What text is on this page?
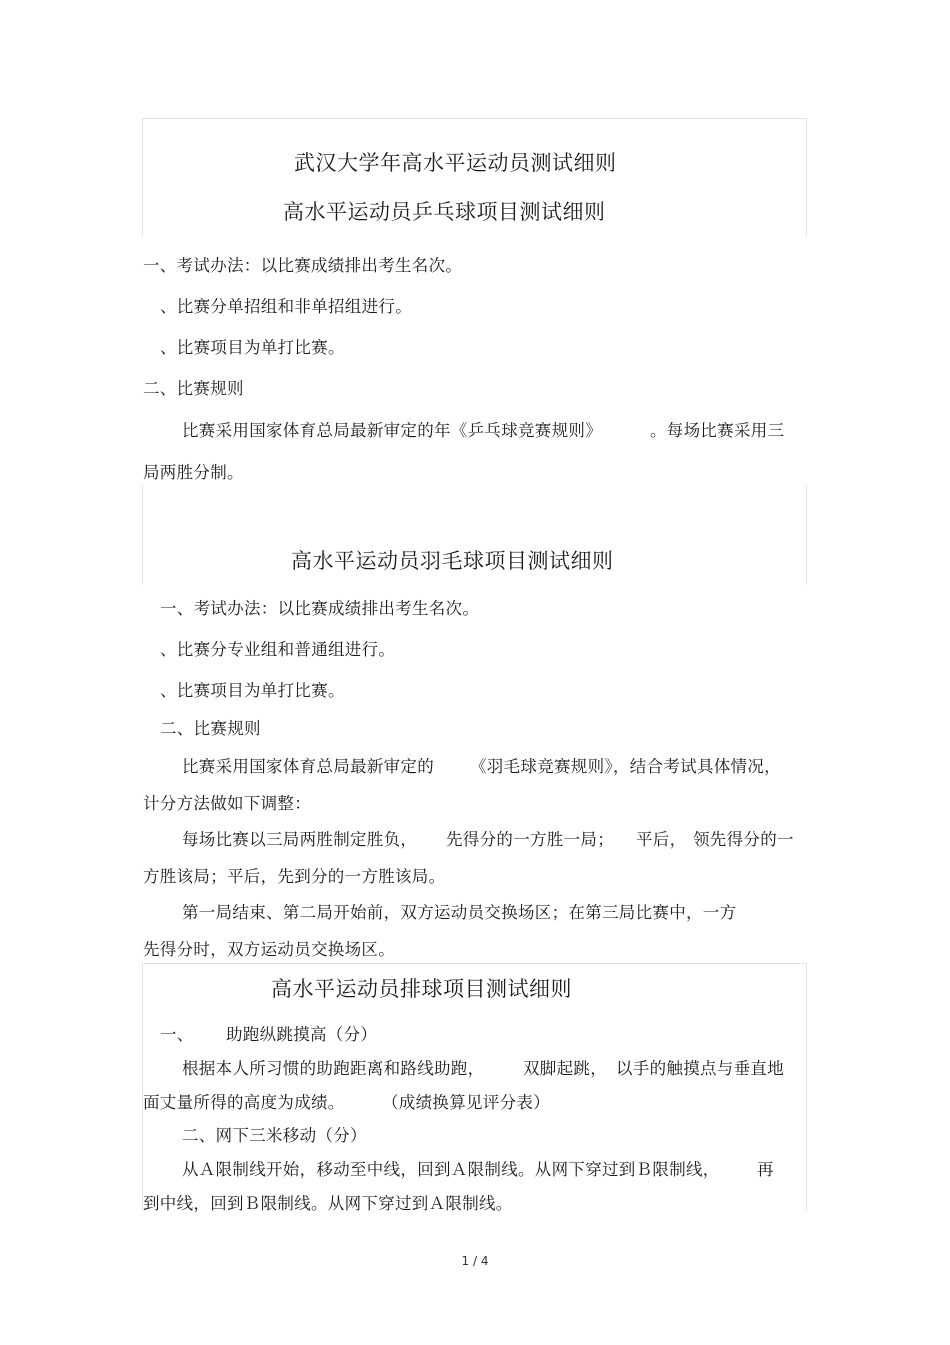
武汉大学年高水平运动员测试细则
高水平运动员乒乓球项目测试细则
一、考试办法：以比赛成绩排出考生名次。
、比赛分单招组和非单招组进行。
、比赛项目为单打比赛。
二、比赛规则
比赛采用国家体育总局最新审定的年《乒乓球竞赛规则》	。每场比赛采用三
局两胜分制。
高水平运动员羽毛球项目测试细则
一、考试办法：以比赛成绩排出考生名次。
、比赛分专业组和普通组进行。
、比赛项目为单打比赛。
二、比赛规则
比赛采用国家体育总局最新审定的 《羽毛球竞赛规则》，结合考试具体情况，
计分方法做如下调整：
每场比赛以三局两胜制定胜负， 先得分的一方胜一局； 平后， 领先得分的一
方胜该局；平后，先到分的一方胜该局。
第一局结束、第二局开始前，双方运动员交换场区；在第三局比赛中，一方
先得分时，双方运动员交换场区。
高水平运动员排球项目测试细则
一、 助跑纵跳摸高（分）
根据本人所习惯的助跑距离和路线助跑， 双脚起跳， 以手的触摸点与垂直地
面丈量所得的高度为成绩。 （成绩换算见评分表）
二、网下三米移动（分）
从Ａ限制线开始，移动至中线，回到Ａ限制线。从网下穿过到Ｂ限制线， 再
到中线，回到Ｂ限制线。从网下穿过到Ａ限制线。
1 / 4
